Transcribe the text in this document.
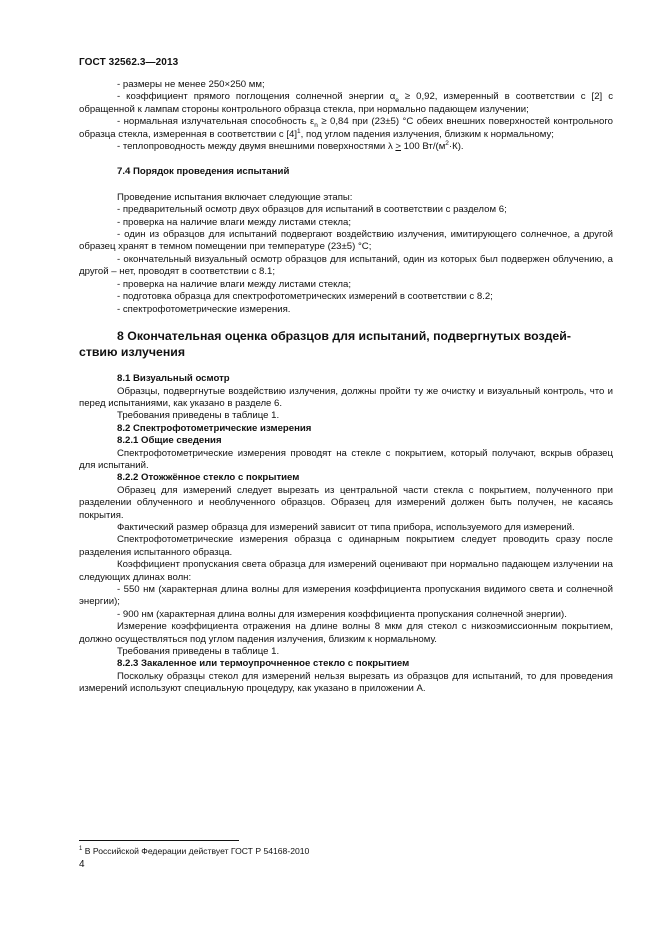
ГОСТ 32562.3—2013

- размеры не менее 250×250 мм;

- коэффициент прямого поглощения солнечной энергии $\alpha_e \ge 0,92$, измеренный в соответствии с [2] с обращенной к лампам стороны контрольного образца стекла, при нормально падающем излучении;

- нормальная излучательная способность $\varepsilon_n \ge 0,84$ при (23±5) °С обеих внешних поверхностей контрольного образца стекла, измеренная в соответствии с $[4]^1$, под углом падения излучения, близким к нормальному;

- теплопроводность между двумя внешними поверхностями λ > 100 $Вт/(м^2\cdot К)$.

7.4 Порядок проведения испытаний

Проведение испытания включает следующие этапы:

- предварительный осмотр двух образцов для испытаний в соответствии с разделом 6;

- проверка на наличие влаги между листами стекла;

- один из образцов для испытаний подвергают воздействию излучения, имитирующего солнечное, а другой образец хранят в темном помещении при температуре (23±5) °С;

- окончательный визуальный осмотр образцов для испытаний, один из которых был подвержен облучению, а другой – нет, проводят в соответствии с 8.1;

- проверка на наличие влаги между листами стекла;

- подготовка образца для спектрофотометрических измерений в соответствии с 8.2;

- спектрофотометрические измерения.

8 Окончательная оценка образцов для испытаний, подвергнутых воздей-
ствию излучения

8.1 Визуальный осмотр

Образцы, подвергнутые воздействию излучения, должны пройти ту же очистку и визуальный контроль, что и перед испытаниями, как указано в разделе 6.

Требования приведены в таблице 1.

8.2 Спектрофотометрические измерения

8.2.1 Общие сведения

Спектрофотометрические измерения проводят на стекле с покрытием, который получают, вскрыв образец для испытаний.

8.2.2 Отожжённое стекло с покрытием

Образец для измерений следует вырезать из центральной части стекла с покрытием, полученного при разделении облученного и необлученного образцов. Образец для измерений должен быть получен, не касаясь покрытия.

Фактический размер образца для измерений зависит от типа прибора, используемого для измерений.

Спектрофотометрические измерения образца с одинарным покрытием следует проводить сразу после разделения испытанного образца.

Коэффициент пропускания света образца для измерений оценивают при нормально падающем излучении на следующих длинах волн:

- 550 нм (характерная длина волны для измерения коэффициента пропускания видимого света и солнечной энергии);

- 900 нм (характерная длина волны для измерения коэффициента пропускания солнечной энергии).

Измерение коэффициента отражения на длине волны 8 мкм для стекол с низкоэмиссионным покрытием, должно осуществляться под углом падения излучения, близким к нормальному.

Требования приведены в таблице 1.

8.2.3 Закаленное или термоупрочненное стекло с покрытием

Поскольку образцы стекол для измерений нельзя вырезать из образцов для испытаний, то для проведения измерений используют специальную процедуру, как указано в приложении А.

$^1$ В Российской Федерации действует ГОСТ Р 54168-2010
4
